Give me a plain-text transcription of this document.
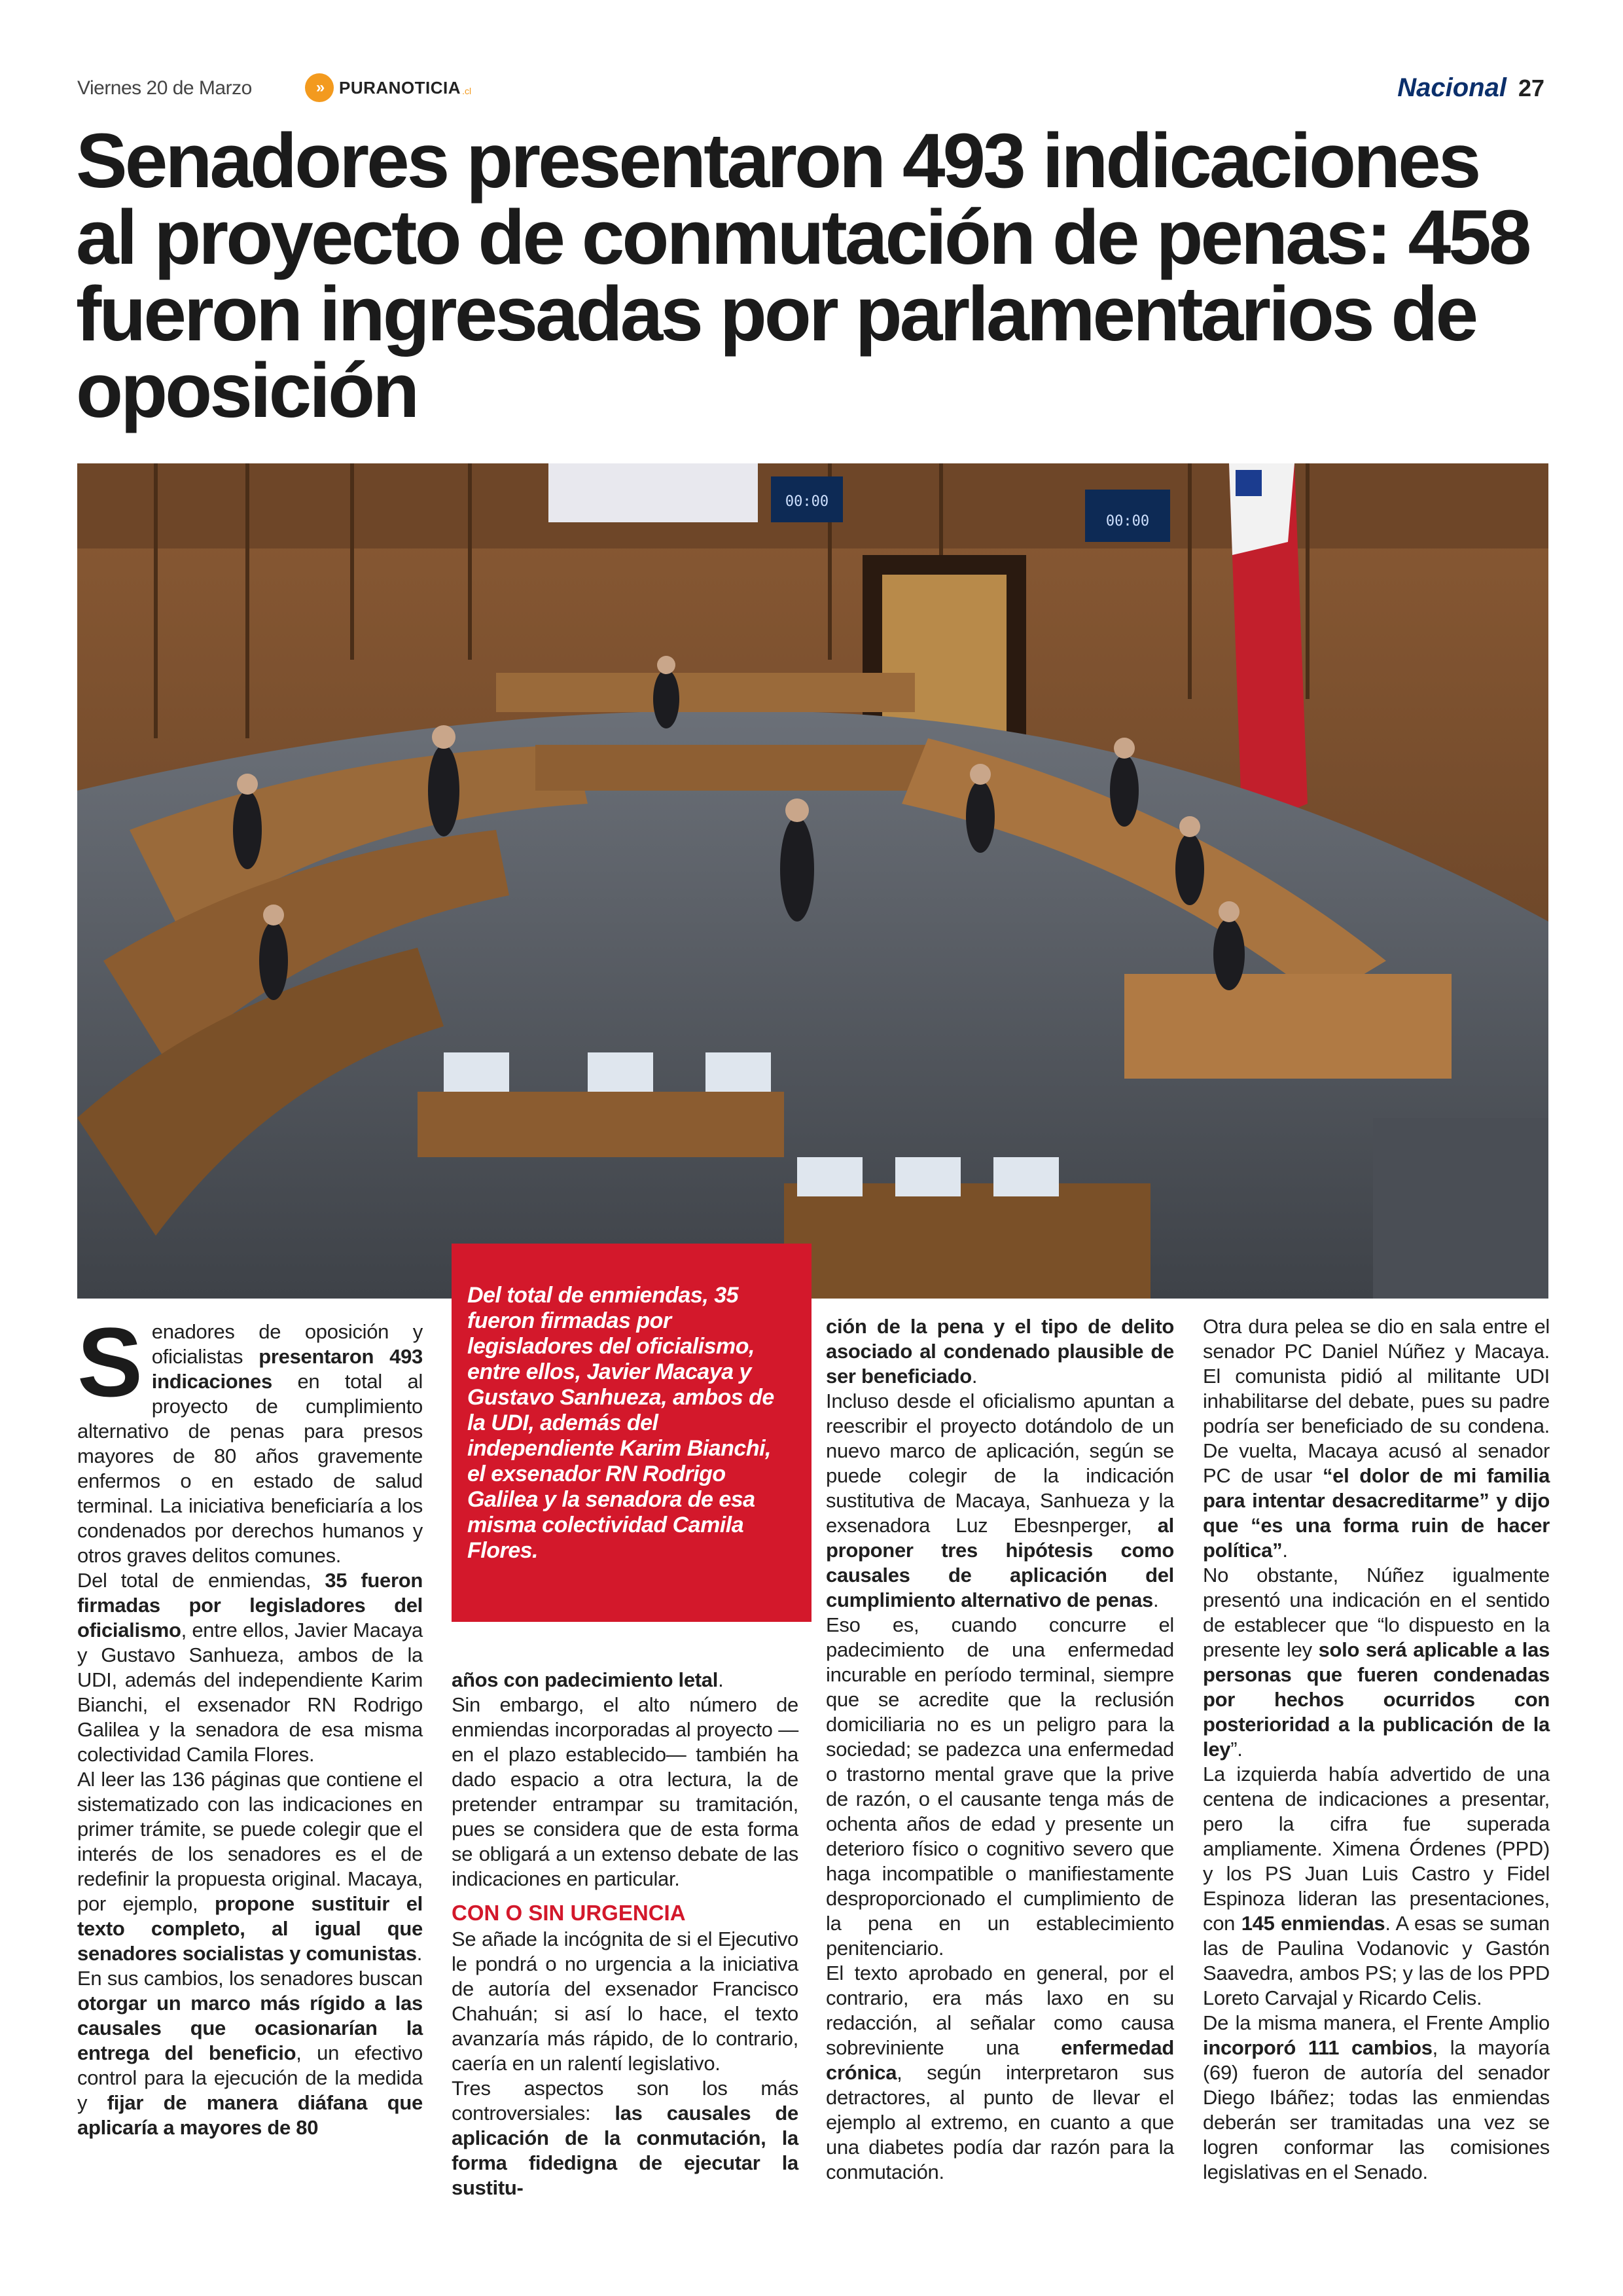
Viernes 20 de Marzo	» PURANOTICIA .cl	Nacional 27
Senadores presentaron 493 indicaciones al proyecto de conmutación de penas: 458 fueron ingresadas por parlamentarios de oposición
00:00
00:00
Del total de enmiendas, 35 fueron firmadas por legisladores del oficialismo, entre ellos, Javier Macaya y Gustavo Sanhueza, ambos de la UDI, además del independiente Karim Bianchi, el exsenador RN Rodrigo Galilea y la senadora de esa misma colectividad Camila Flores.

Senadores de oposición y oficialistas presentaron 493 indicaciones en total al proyecto de cumplimiento alternativo de penas para presos mayores de 80 años gravemente enfermos o en estado de salud terminal. La iniciativa beneficiaría a los condenados por derechos humanos y otros graves delitos comunes.

Del total de enmiendas, 35 fueron firmadas por legisladores del oficialismo, entre ellos, Javier Macaya y Gustavo Sanhueza, ambos de la UDI, además del independiente Karim Bianchi, el exsenador RN Rodrigo Galilea y la senadora de esa misma colectividad Camila Flores.

Al leer las 136 páginas que contiene el sistematizado con las indicaciones en primer trámite, se puede colegir que el interés de los senadores es el de redefinir la propuesta original. Macaya, por ejemplo, propone sustituir el texto completo, al igual que senadores socialistas y comunistas.

En sus cambios, los senadores buscan otorgar un marco más rígido a las causales que ocasionarían la entrega del beneficio, un efectivo control para la ejecución de la medida y fijar de manera diáfana que aplicaría a mayores de 80

años con padecimiento letal.

Sin embargo, el alto número de enmiendas incorporadas al proyecto —en el plazo establecido— también ha dado espacio a otra lectura, la de pretender entrampar su tramitación, pues se considera que de esta forma se obligará a un extenso debate de las indicaciones en particular.

CON O SIN URGENCIA

Se añade la incógnita de si el Ejecutivo le pondrá o no urgencia a la iniciativa de autoría del exsenador Francisco Chahuán; si así lo hace, el texto avanzaría más rápido, de lo contrario, caería en un ralentí legislativo.

Tres aspectos son los más controversiales: las causales de aplicación de la conmutación, la forma fidedigna de ejecutar la sustitu-

ción de la pena y el tipo de delito asociado al condenado plausible de ser beneficiado.

Incluso desde el oficialismo apuntan a reescribir el proyecto dotándolo de un nuevo marco de aplicación, según se puede colegir de la indicación sustitutiva de Macaya, Sanhueza y la exsenadora Luz Ebesnperger, al proponer tres hipótesis como causales de aplicación del cumplimiento alternativo de penas.

Eso es, cuando concurre el padecimiento de una enfermedad incurable en período terminal, siempre que se acredite que la reclusión domiciliaria no es un peligro para la sociedad; se padezca una enfermedad o trastorno mental grave que la prive de razón, o el causante tenga más de ochenta años de edad y presente un deterioro físico o cognitivo severo que haga incompatible o manifiestamente desproporcionado el cumplimiento de la pena en un establecimiento penitenciario.

El texto aprobado en general, por el contrario, era más laxo en su redacción, al señalar como causa sobreviniente una enfermedad crónica, según interpretaron sus detractores, al punto de llevar el ejemplo al extremo, en cuanto a que una diabetes podía dar razón para la conmutación.

Otra dura pelea se dio en sala entre el senador PC Daniel Núñez y Macaya. El comunista pidió al militante UDI inhabilitarse del debate, pues su padre podría ser beneficiado de su condena. De vuelta, Macaya acusó al senador PC de usar “el dolor de mi familia para intentar desacreditarme” y dijo que “es una forma ruin de hacer política”.

No obstante, Núñez igualmente presentó una indicación en el sentido de establecer que “lo dispuesto en la presente ley solo será aplicable a las personas que fueren condenadas por hechos ocurridos con posterioridad a la publicación de la ley”.

La izquierda había advertido de una centena de indicaciones a presentar, pero la cifra fue superada ampliamente. Ximena Órdenes (PPD) y los PS Juan Luis Castro y Fidel Espinoza lideran las presentaciones, con 145 enmiendas. A esas se suman las de Paulina Vodanovic y Gastón Saavedra, ambos PS; y las de los PPD Loreto Carvajal y Ricardo Celis.

De la misma manera, el Frente Amplio incorporó 111 cambios, la mayoría (69) fueron de autoría del senador Diego Ibáñez; todas las enmiendas deberán ser tramitadas una vez se logren conformar las comisiones legislativas en el Senado.
